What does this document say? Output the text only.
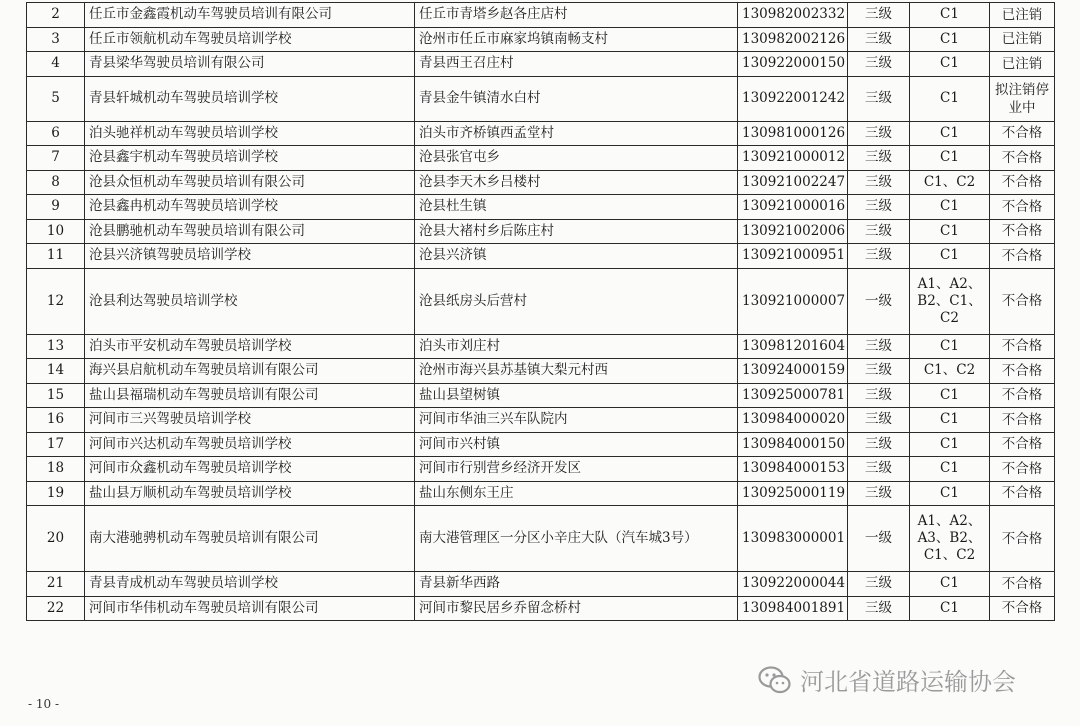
2	任丘市金鑫霞机动车驾驶员培训有限公司	任丘市青塔乡赵各庄店村	130982002332	三级	C1	已注销
3	任丘市领航机动车驾驶员培训学校	沧州市任丘市麻家坞镇南畅支村	130982002126	三级	C1	已注销
4	青县梁华驾驶员培训有限公司	青县西王召庄村	130922000150	三级	C1	已注销
5	青县轩城机动车驾驶员培训学校	青县金牛镇清水白村	130922001242	三级	C1	拟注销停业中
6	泊头驰祥机动车驾驶员培训学校	泊头市齐桥镇西孟堂村	130981000126	三级	C1	不合格
7	沧县鑫宇机动车驾驶员培训学校	沧县张官屯乡	130921000012	三级	C1	不合格
8	沧县众恒机动车驾驶员培训有限公司	沧县李天木乡吕楼村	130921002247	三级	C1、C2	不合格
9	沧县鑫冉机动车驾驶员培训学校	沧县杜生镇	130921000016	三级	C1	不合格
10	沧县鹏驰机动车驾驶员培训有限公司	沧县大褚村乡后陈庄村	130921002006	三级	C1	不合格
11	沧县兴济镇驾驶员培训学校	沧县兴济镇	130921000951	三级	C1	不合格
12	沧县利达驾驶员培训学校	沧县纸房头后营村	130921000007	一级	A1、A2、B2、C1、C2	不合格
13	泊头市平安机动车驾驶员培训学校	泊头市刘庄村	130981201604	三级	C1	不合格
14	海兴县启航机动车驾驶员培训有限公司	沧州市海兴县苏基镇大梨元村西	130924000159	三级	C1、C2	不合格
15	盐山县福瑞机动车驾驶员培训有限公司	盐山县望树镇	130925000781	三级	C1	不合格
16	河间市三兴驾驶员培训学校	河间市华油三兴车队院内	130984000020	三级	C1	不合格
17	河间市兴达机动车驾驶员培训学校	河间市兴村镇	130984000150	三级	C1	不合格
18	河间市众鑫机动车驾驶员培训学校	河间市行别营乡经济开发区	130984000153	三级	C1	不合格
19	盐山县万顺机动车驾驶员培训学校	盐山东侧东王庄	130925000119	三级	C1	不合格
20	南大港驰骋机动车驾驶员培训有限公司	南大港管理区一分区小辛庄大队（汽车城3号）	130983000001	一级	A1、A2、A3、B2、C1、C2	不合格
21	青县青成机动车驾驶员培训学校	青县新华西路	130922000044	三级	C1	不合格
22	河间市华伟机动车驾驶员培训有限公司	河间市黎民居乡乔留念桥村	130984001891	三级	C1	不合格
- 10 -
河北省道路运输协会
